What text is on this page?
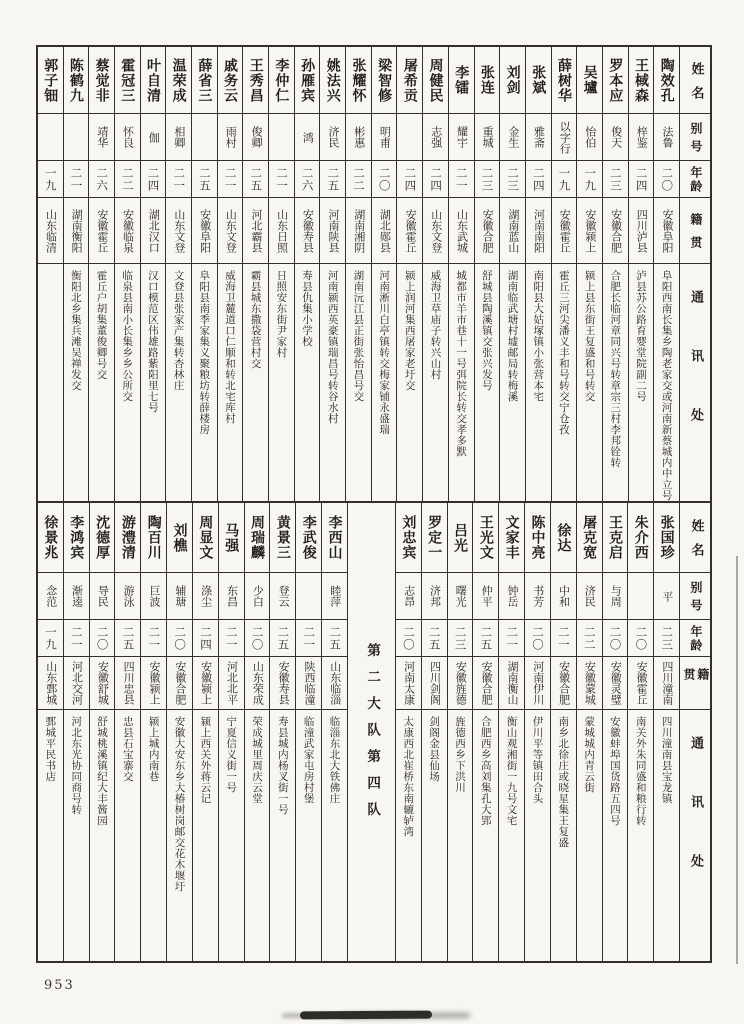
姓名
别号
年龄
籍贯
通讯处
陶效孔
法鲁
二〇
安徽阜阳
阜阳西南长集乡陶老家交或河南新蔡城内中立号
王棫森
梓鉴
二四
四川泸县
泸县苏公路育婴堂院副二号
罗本应
俊天
二三
安徽合肥
合肥长临河章同兴号转章宗三村李邦铨转
吴壚
怡伯
一九
安徽颍上
颍上县东街王复盛和号转交
薛树华
以字行
一九
安徽霍丘
霍丘三河尖潘义丰和号转交宁仓孜
张斌
雅斋
二四
河南南阳
南阳县大姑塚镇小张营本宅
刘剑
金生
二三
湖南蓝山
湖南临武塘村墟邮局转梅溪
张连
重城
二三
安徽合肥
舒城县陶溪镇交张兴发号
李镭
耀宇
二一
山东武城
城都市羊市巷十一号弭院长转交孝多默
周健民
志强
二四
山东文登
威海卫草庙子转兴山村
屠希贡
二四
安徽霍丘
颍上润河集西屠家老圩交
梁智修
明甫
二〇
湖北郧县
河南淅川白亭镇转交梅家铺永盛瑞
张耀怀
彬惠
二二
湖南湘阴
湖南沅江县正街张怡昌号交
姚法兴
济民
二五
河南陕县
河南颍西英豪镇瑞昌号转谷水村
孙雁宾
鸿
二六
安徽寿县
寿县仇集小学校
李仲仁
二一
山东日照
日照安东街尹家村
王秀昌
俊卿
二五
河北霸县
霸县城东撒袋营村交
戚务云
雨村
二一
山东文登
威海卫麓道口仁顺和转北宅库村
薛省三
二五
安徽阜阳
阜阳县南季家集义聚粮坊转薛楼房
温荣成
相卿
二一
山东文登
文登县张家产集转杏林庄
叶自清
伽
二四
湖北汉口
汉口模范区伟雄路紫阳里七号
霍冠三
怀良
二二
安徽临泉
临泉县南小长集乡乡公所交
蔡觉非
靖华
二六
安徽霍丘
霍丘户胡集董俊卿号交
陈鹤九
二一
湖南衡阳
衡阳北乡集兵滩吴禅发交
郭子钿
一九
山东临清
姓名
别号
年龄
籍贯
通讯处
张国珍
平
二三
四川潼南
四川潼南县宝龙镇
朱介西
二〇
安徽霍丘
南关外朱同盛和粮行转
王克启
与周
二〇
安徽灵璧
安徽蚌埠国货路五四号
屠克宽
济民
二二
安徽蒙城
蒙城城内青云街
徐达
中和
二一
安徽合肥
南乡北徐庄或晓星集王复盛
陈中亮
书芳
二〇
河南伊川
伊川平等镇田合头
文家丰
钟岳
二一
湖南衡山
衡山观湘街一九号文宅
王光文
仲平
二五
安徽合肥
合肥西乡高刘集孔大郢
吕光
曙光
二三
安徽旌德
旌德西乡下洪川
罗定一
济邦
二五
四川剑阁
剑阁金县仙场
刘忠宾
志昂
二〇
河南太康
太康西北崔桥东南辘轳湾
第二大队第四队
李西山
睦萍
二五
山东临淄
临淄东北大铁佛庄
李武俊
二一
陕西临潼
临潼武家屯房村堡
黄景三
登云
二五
安徽寿县
寿县城内杨叉街一号
周瑞麟
少白
二〇
山东荣成
荣成城里周庆云堂
马强
东昌
二一
河北北平
宁夏信义街一号
周显文
涤尘
二四
安徽颍上
颍上西关外蒋云记
刘樵
辅瑭
二〇
安徽合肥
安徽大安东乡大椿树岗邮交花木堰圩
陶百川
巨波
二一
安徽颍上
颍上城内南巷
游澧清
游泳
二五
四川忠县
忠县石宝寨交
沈德厚
导民
二〇
安徽舒城
舒城桃溪镇纪大丰酱园
李鸿宾
渐逵
二一
河北交河
河北东光协同商号转
徐景兆
念范
一九
山东鄄城
鄄城平民书店
953
